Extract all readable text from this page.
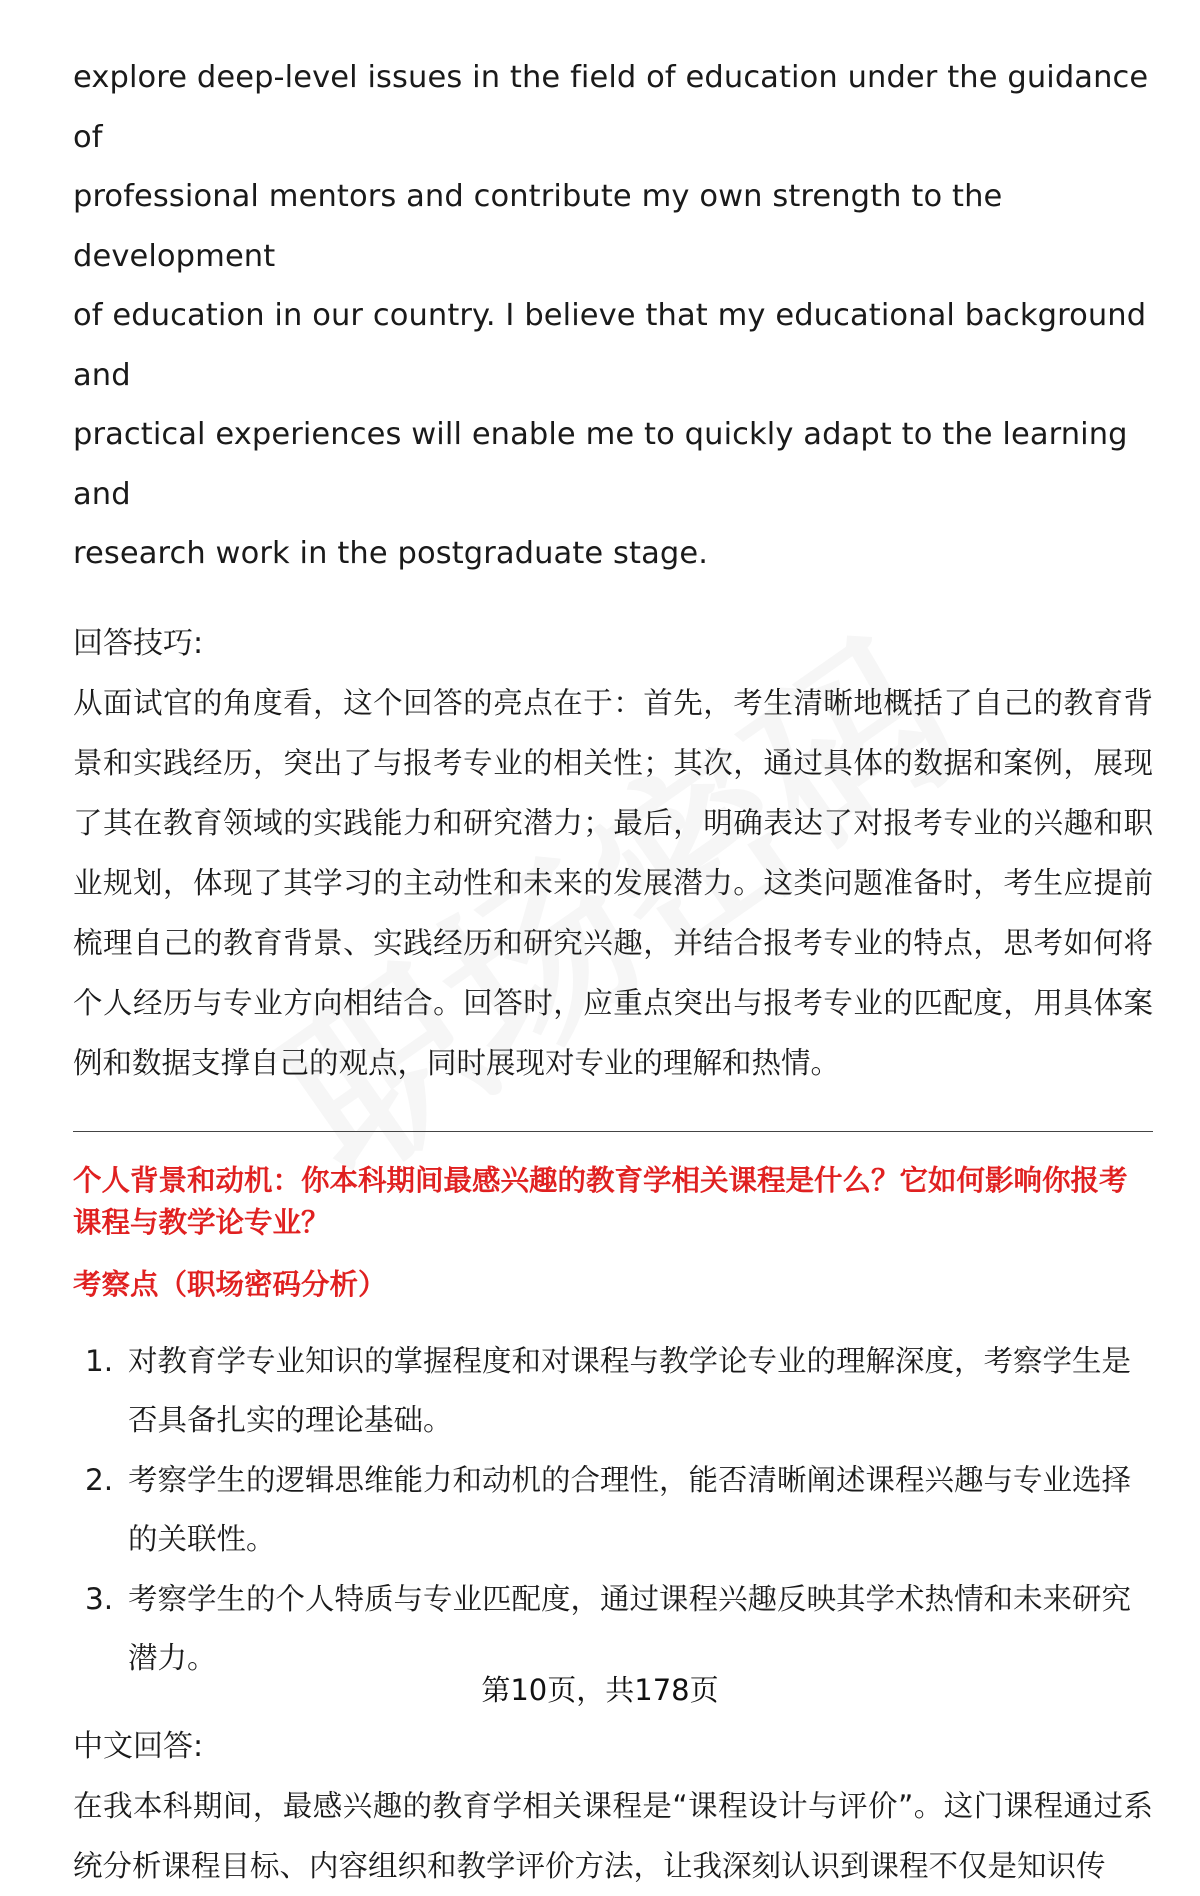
explore deep-level issues in the field of education under the guidance of

professional mentors and contribute my own strength to the development

of education in our country. I believe that my educational background and

practical experiences will enable me to quickly adapt to the learning and

research work in the postgraduate stage.

回答技巧:

从面试官的角度看，这个回答的亮点在于：首先，考生清晰地概括了自己的教育背景和实践经历，突出了与报考专业的相关性；其次，通过具体的数据和案例，展现了其在教育领域的实践能力和研究潜力；最后，明确表达了对报考专业的兴趣和职业规划，体现了其学习的主动性和未来的发展潜力。这类问题准备时，考生应提前梳理自己的教育背景、实践经历和研究兴趣，并结合报考专业的特点，思考如何将个人经历与专业方向相结合。回答时，应重点突出与报考专业的匹配度，用具体案例和数据支撑自己的观点，同时展现对专业的理解和热情。

个人背景和动机：你本科期间最感兴趣的教育学相关课程是什么？它如何影响你报考课程与教学论专业？

考察点（职场密码分析）

1. 对教育学专业知识的掌握程度和对课程与教学论专业的理解深度，考察学生是否具备扎实的理论基础。
2. 考察学生的逻辑思维能力和动机的合理性，能否清晰阐述课程兴趣与专业选择的关联性。
3. 考察学生的个人特质与专业匹配度，通过课程兴趣反映其学术热情和未来研究潜力。

中文回答:

在我本科期间，最感兴趣的教育学相关课程是“课程设计与评价”。这门课程通过系统分析课程目标、内容组织和教学评价方法，让我深刻认识到课程不仅是知识传

第10页，共178页
